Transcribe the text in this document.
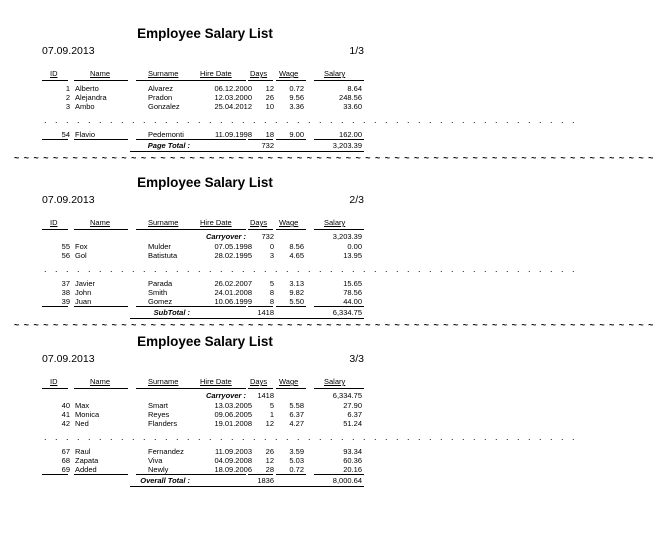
Employee Salary List
07.09.2013	1/3
ID	Name	Surname	Hire Date	Days	Wage	Salary
1 Alberto	Alvarez	06.12.2000	12	0.72	8.64
2 Alejandra	Pradon	12.03.2000	26	9.56	248.56
3 Ambo	Gonzalez	25.04.2012	10	3.36	33.60
. . . . . . . . . . . . . . . . . . . . . . . . . . . . . . . . . . . . . . . . . . . . . . . . .
54 Flavio	Pedemonti	11.09.1998	18	9.00	162.00
Page Total :	732	3,203.39
~ ~ ~ ~ ~ ~ ~ ~ ~ ~ ~ ~ ~ ~ ~ ~ ~ ~ ~ ~ ~ ~ ~ ~ ~ ~ ~ ~ ~ ~ ~ ~ ~ ~ ~ ~ ~ ~ ~ ~ ~ ~ ~ ~ ~ ~ ~ ~ ~ ~ ~ ~ ~ ~ ~ ~ ~ ~ ~ ~ ~ ~ ~ ~ ~ ~
Employee Salary List
07.09.2013	2/3
ID	Name	Surname	Hire Date	Days	Wage	Salary
Carryover :	732	3,203.39
55 Fox	Mulder	07.05.1998	0	8.56	0.00
56 Gol	Batistuta	28.02.1995	3	4.65	13.95
. . . . . . . . . . . . . . . . . . . . . . . . . . . . . . . . . . . . . . . . . . . . . . . . .
37 Javier	Parada	26.02.2007	5	3.13	15.65
38 John	Smith	24.01.2008	8	9.82	78.56
39 Juan	Gomez	10.06.1999	8	5.50	44.00
SubTotal :	1418	6,334.75
~ ~ ~ ~ ~ ~ ~ ~ ~ ~ ~ ~ ~ ~ ~ ~ ~ ~ ~ ~ ~ ~ ~ ~ ~ ~ ~ ~ ~ ~ ~ ~ ~ ~ ~ ~ ~ ~ ~ ~ ~ ~ ~ ~ ~ ~ ~ ~ ~ ~ ~ ~ ~ ~ ~ ~ ~ ~ ~ ~ ~ ~ ~ ~ ~ ~
Employee Salary List
07.09.2013	3/3
ID	Name	Surname	Hire Date	Days	Wage	Salary
Carryover :	1418	6,334.75
40 Max	Smart	13.03.2005	5	5.58	27.90
41 Monica	Reyes	09.06.2005	1	6.37	6.37
42 Ned	Flanders	19.01.2008	12	4.27	51.24
. . . . . . . . . . . . . . . . . . . . . . . . . . . . . . . . . . . . . . . . . . . . . . . . .
67 Raul	Fernandez	11.09.2003	26	3.59	93.34
68 Zapata	Viva	04.09.2008	12	5.03	60.36
69 Added	Newly	18.09.2006	28	0.72	20.16
Overall Total :	1836	8,000.64
